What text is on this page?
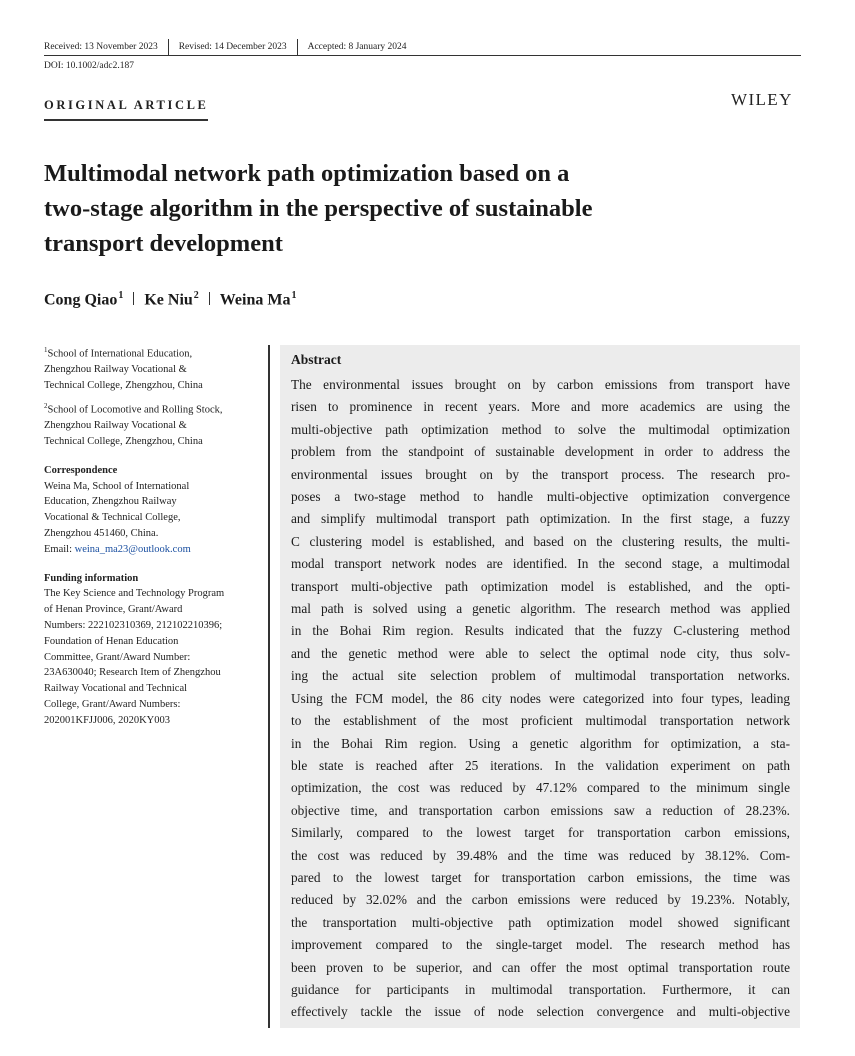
Received: 13 November 2023 Revised: 14 December 2023 Accepted: 8 January 2024
DOI: 10.1002/adc2.187
ORIGINAL ARTICLE	WILEY
Multimodal network path optimization based on a
two-stage algorithm in the perspective of sustainable
transport development
Cong Qiao$^1$ Ke Niu$^2$ Weina Ma$^1$

$^1$School of International Education,
Zhengzhou Railway Vocational &
Technical College, Zhengzhou, China

$^2$School of Locomotive and Rolling Stock,
Zhengzhou Railway Vocational &
Technical College, Zhengzhou, China

Correspondence
Weina Ma, School of International
Education, Zhengzhou Railway
Vocational & Technical College,
Zhengzhou 451460, China.
Email: weina_ma23@outlook.com
Funding information
The Key Science and Technology Program
of Henan Province, Grant/Award
Numbers: 222102310369, 212102210396;
Foundation of Henan Education
Committee, Grant/Award Number:
23A630040; Research Item of Zhengzhou
Railway Vocational and Technical
College, Grant/Award Numbers:
202001KFJJ006, 2020KY003
Abstract
The environmental issues brought on by carbon emissions from transport have
risen to prominence in recent years. More and more academics are using the
multi-objective path optimization method to solve the multimodal optimization
problem from the standpoint of sustainable development in order to address the
environmental issues brought on by the transport process. The research pro-
poses a two-stage method to handle multi-objective optimization convergence
and simplify multimodal transport path optimization. In the first stage, a fuzzy
C clustering model is established, and based on the clustering results, the multi-
modal transport network nodes are identified. In the second stage, a multimodal
transport multi-objective path optimization model is established, and the opti-
mal path is solved using a genetic algorithm. The research method was applied
in the Bohai Rim region. Results indicated that the fuzzy C-clustering method
and the genetic method were able to select the optimal node city, thus solv-
ing the actual site selection problem of multimodal transportation networks.
Using the FCM model, the 86 city nodes were categorized into four types, leading
to the establishment of the most proficient multimodal transportation network
in the Bohai Rim region. Using a genetic algorithm for optimization, a sta-
ble state is reached after 25 iterations. In the validation experiment on path
optimization, the cost was reduced by 47.12% compared to the minimum single
objective time, and transportation carbon emissions saw a reduction of 28.23%.
Similarly, compared to the lowest target for transportation carbon emissions,
the cost was reduced by 39.48% and the time was reduced by 38.12%. Com-
pared to the lowest target for transportation carbon emissions, the time was
reduced by 32.02% and the carbon emissions were reduced by 19.23%. Notably,
the transportation multi-objective path optimization model showed significant
improvement compared to the single-target model. The research method has
been proven to be superior, and can offer the most optimal transportation route
guidance for participants in multimodal transportation. Furthermore, it can
effectively tackle the issue of node selection convergence and multi-objective
